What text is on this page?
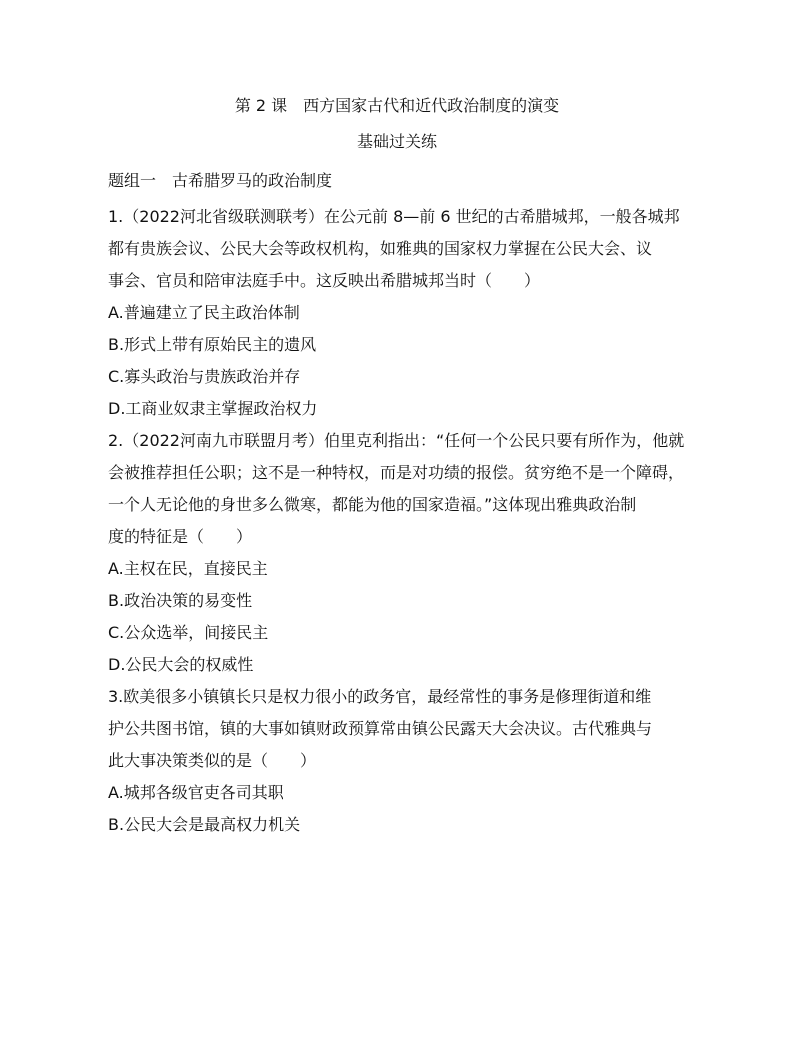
第 2 课　西方国家古代和近代政治制度的演变
基础过关练
题组一　古希腊罗马的政治制度
1.（2022河北省级联测联考）在公元前 8—前 6 世纪的古希腊城邦，一般各城邦
都有贵族会议、公民大会等政权机构，如雅典的国家权力掌握在公民大会、议
事会、官员和陪审法庭手中。这反映出希腊城邦当时（　　）
A.普遍建立了民主政治体制
B.形式上带有原始民主的遗风
C.寡头政治与贵族政治并存
D.工商业奴隶主掌握政治权力
2.（2022河南九市联盟月考）伯里克利指出：“任何一个公民只要有所作为，他就
会被推荐担任公职；这不是一种特权，而是对功绩的报偿。贫穷绝不是一个障碍，
一个人无论他的身世多么微寒，都能为他的国家造福。”这体现出雅典政治制
度的特征是（　　）
A.主权在民，直接民主
B.政治决策的易变性
C.公众选举，间接民主
D.公民大会的权威性
3.欧美很多小镇镇长只是权力很小的政务官，最经常性的事务是修理街道和维
护公共图书馆，镇的大事如镇财政预算常由镇公民露天大会决议。古代雅典与
此大事决策类似的是（　　）
A.城邦各级官吏各司其职
B.公民大会是最高权力机关
